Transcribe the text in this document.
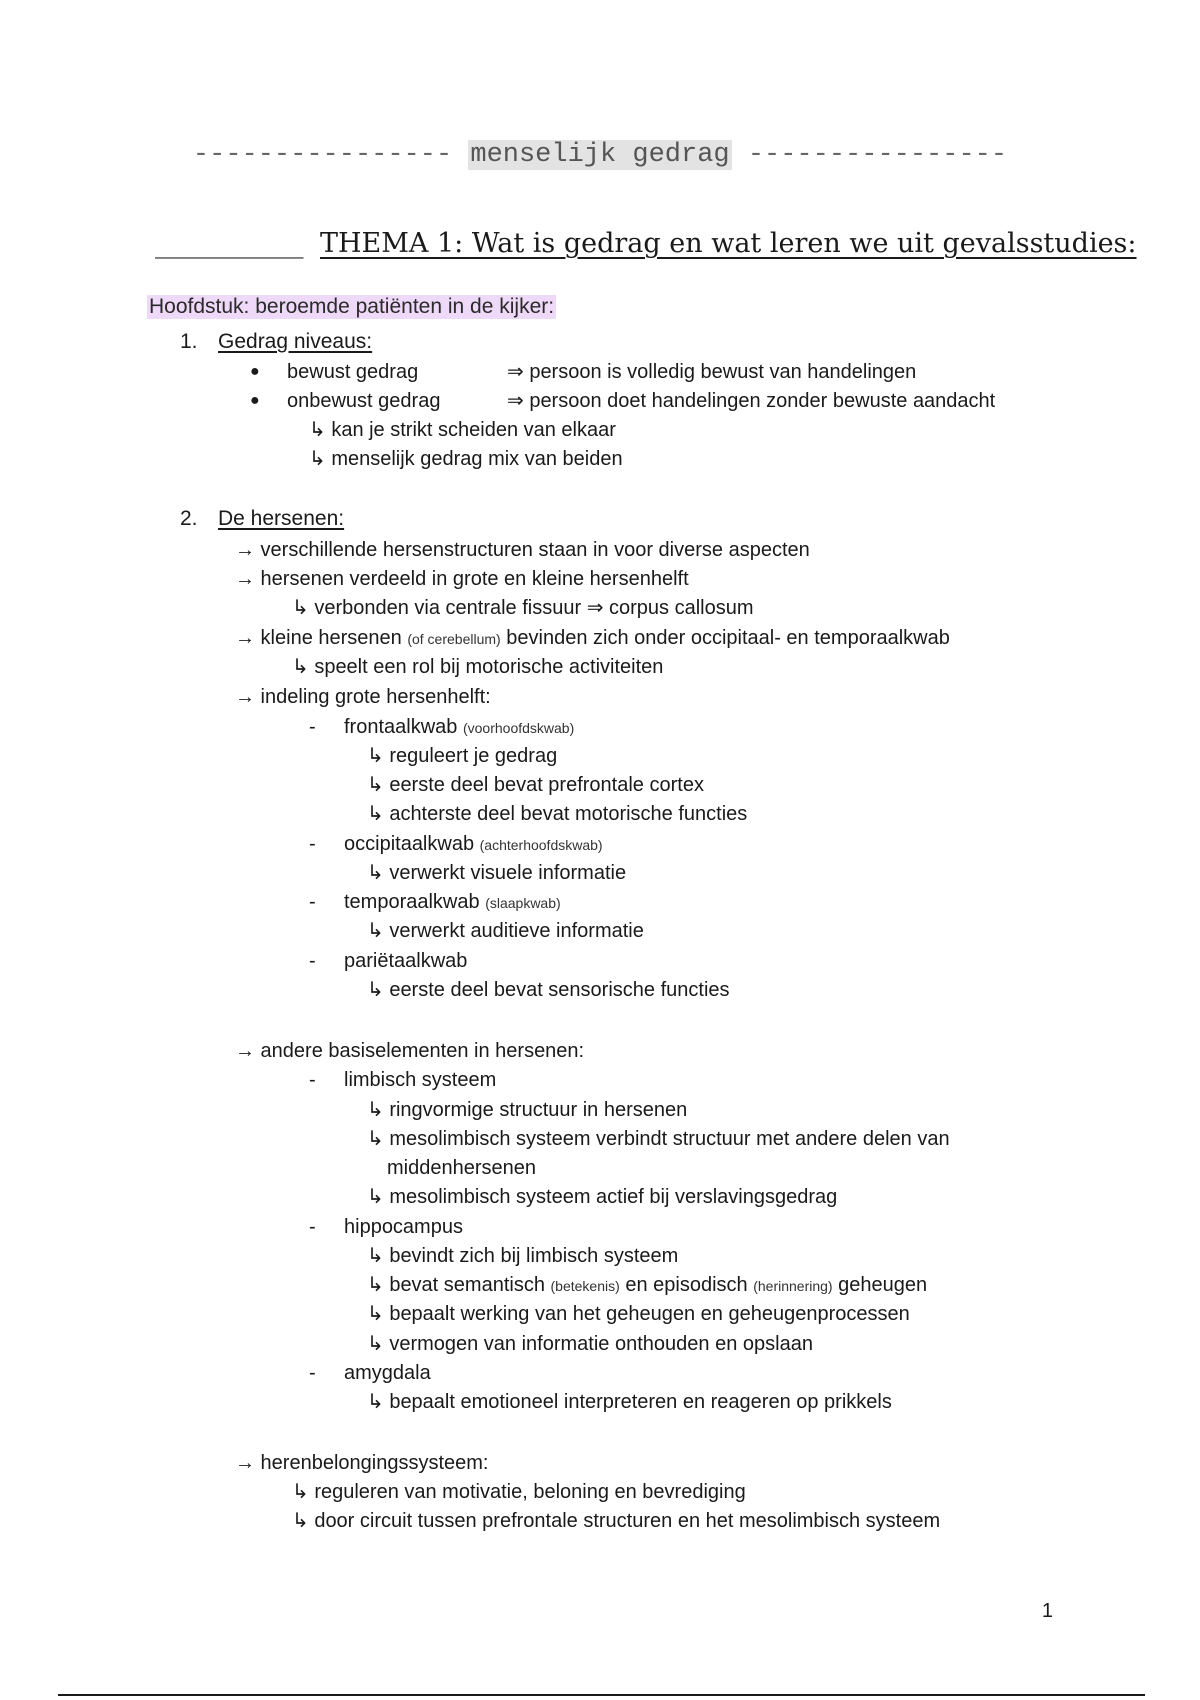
---------------- menselijk gedrag ----------------
___________ THEMA 1: Wat is gedrag en wat leren we uit gevalsstudies:
Hoofdstuk: beroemde patiënten in de kijker:
1. Gedrag niveaus:
● bewust gedrag	⇒ persoon is volledig bewust van handelingen
● onbewust gedrag	⇒ persoon doet handelingen zonder bewuste aandacht
↳ kan je strikt scheiden van elkaar
↳ menselijk gedrag mix van beiden
2. De hersenen:
→ verschillende hersenstructuren staan in voor diverse aspecten
→ hersenen verdeeld in grote en kleine hersenhelft
↳ verbonden via centrale fissuur ⇒ corpus callosum
→ kleine hersenen (of cerebellum) bevinden zich onder occipitaal- en temporaalkwab
↳ speelt een rol bij motorische activiteiten
→ indeling grote hersenhelft:
- frontaalkwab (voorhoofdskwab)
↳ reguleert je gedrag
↳ eerste deel bevat prefrontale cortex
↳ achterste deel bevat motorische functies
- occipitaalkwab (achterhoofdskwab)
↳ verwerkt visuele informatie
- temporaalkwab (slaapkwab)
↳ verwerkt auditieve informatie
- pariëtaalkwab
↳ eerste deel bevat sensorische functies
→ andere basiselementen in hersenen:
- limbisch systeem
↳ ringvormige structuur in hersenen
↳ mesolimbisch systeem verbindt structuur met andere delen van
middenhersenen
↳ mesolimbisch systeem actief bij verslavingsgedrag
- hippocampus
↳ bevindt zich bij limbisch systeem
↳ bevat semantisch (betekenis) en episodisch (herinnering) geheugen
↳ bepaalt werking van het geheugen en geheugenprocessen
↳ vermogen van informatie onthouden en opslaan
- amygdala
↳ bepaalt emotioneel interpreteren en reageren op prikkels
→ herenbelongingssysteem:
↳ reguleren van motivatie, beloning en bevrediging
↳ door circuit tussen prefrontale structuren en het mesolimbisch systeem
1
